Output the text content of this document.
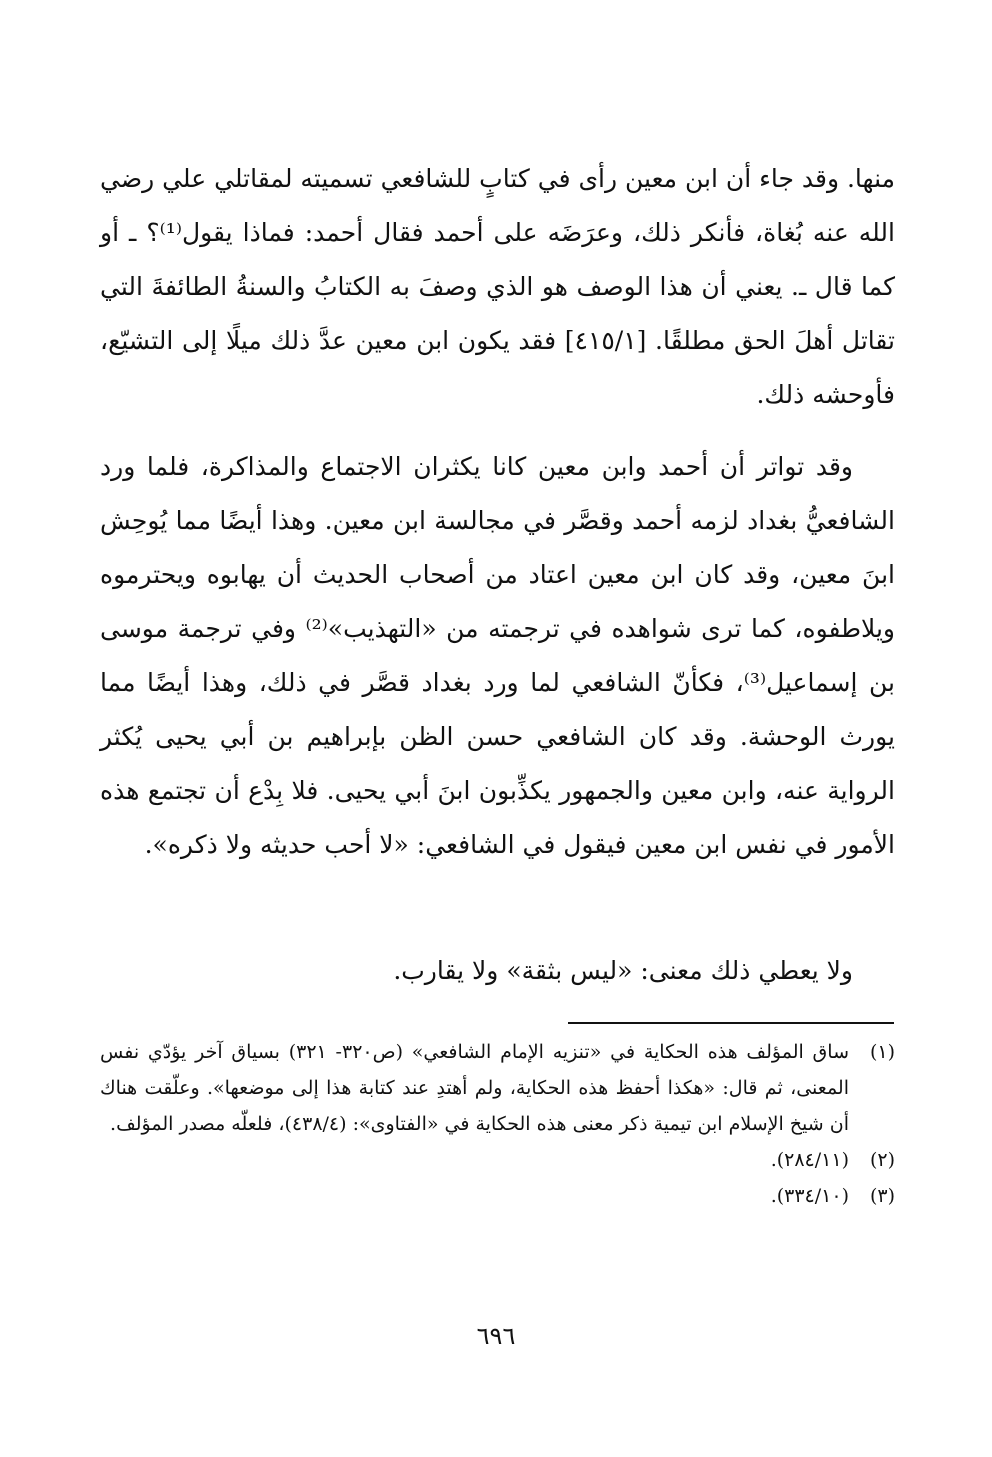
منها. وقد جاء أن ابن معين رأى في كتابٍ للشافعي تسميته لمقاتلي علي رضي الله عنه بُغاة، فأنكر ذلك، وعرَضَه على أحمد فقال أحمد: فماذا يقول⁽¹⁾؟ ـ أو كما قال ـ. يعني أن هذا الوصف هو الذي وصفَ به الكتابُ والسنةُ الطائفةَ التي تقاتل أهلَ الحق مطلقًا. [٤١٥/١] فقد يكون ابن معين عدَّ ذلك ميلًا إلى التشيّع، فأوحشه ذلك.

وقد تواتر أن أحمد وابن معين كانا يكثران الاجتماع والمذاكرة، فلما ورد الشافعيُّ بغداد لزمه أحمد وقصَّر في مجالسة ابن معين. وهذا أيضًا مما يُوحِش ابنَ معين، وقد كان ابن معين اعتاد من أصحاب الحديث أن يهابوه ويحترموه ويلاطفوه، كما ترى شواهده في ترجمته من «التهذيب»⁽²⁾ وفي ترجمة موسى بن إسماعيل⁽³⁾، فكأنّ الشافعي لما ورد بغداد قصَّر في ذلك، وهذا أيضًا مما يورث الوحشة. وقد كان الشافعي حسن الظن بإبراهيم بن أبي يحيى يُكثر الرواية عنه، وابن معين والجمهور يكذِّبون ابنَ أبي يحيى. فلا بِدْع أن تجتمع هذه الأمور في نفس ابن معين فيقول في الشافعي: «لا أحب حديثه ولا ذكره».

ولا يعطي ذلك معنى: «ليس بثقة» ولا يقارب.

(١)
ساق المؤلف هذه الحكاية في «تنزيه الإمام الشافعي» (ص٣٢٠- ٣٢١) بسياق آخر يؤدّي نفس المعنى، ثم قال: «هكذا أحفظ هذه الحكاية، ولم أهتدِ عند كتابة هذا إلى موضعها». وعلّقت هناك أن شيخ الإسلام ابن تيمية ذكر معنى هذه الحكاية في «الفتاوى»: (٤٣٨/٤)، فلعلّه مصدر المؤلف.
(٢)
(٢٨٤/١١).
(٣)
(٣٣٤/١٠).
٦٩٦
